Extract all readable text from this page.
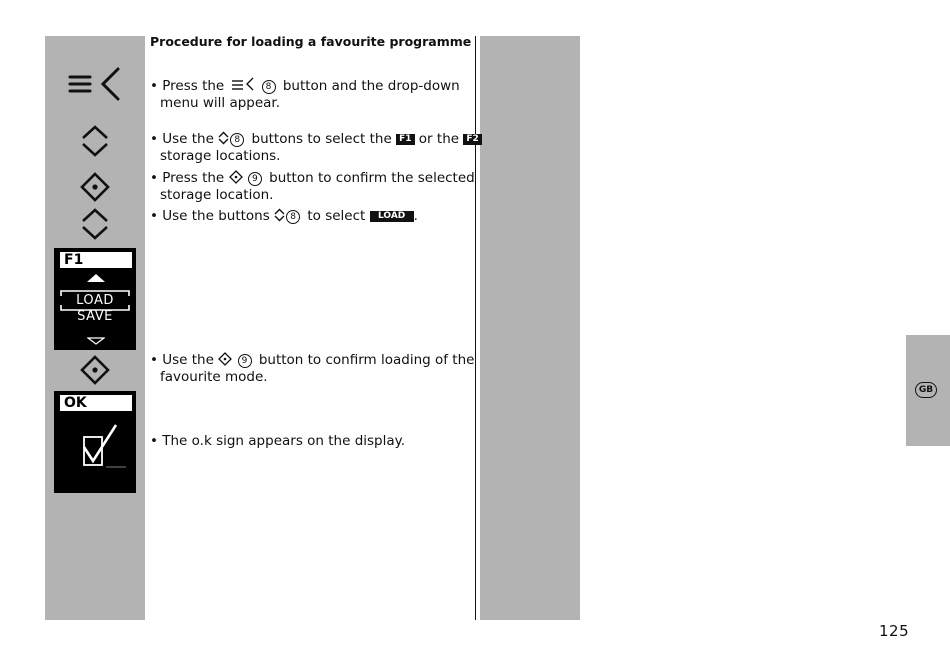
GB
125
F1
LOAD
SAVE
OK
Procedure for loading a favourite programme
• Press the	8 button and the drop-down
menu will appear.
• Use the 8 buttons to select the F1 or the F2
storage locations.
• Press the	9 button to confirm the selected
storage location.
• Use the buttons 8 to select LOAD .
• Use the	9 button to confirm loading of the
favourite mode.
• The o.k sign appears on the display.
